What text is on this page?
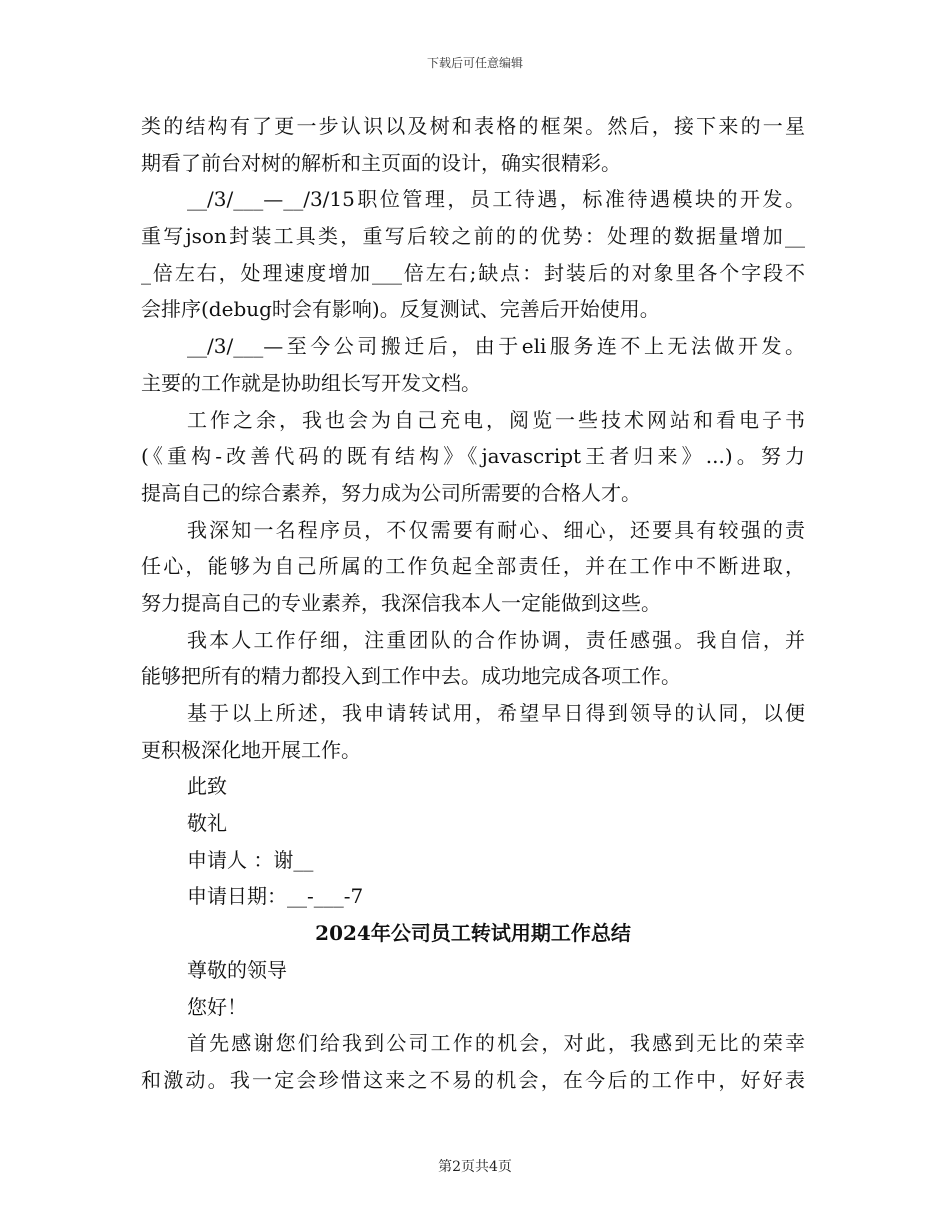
下载后可任意编辑
类的结构有了更一步认识以及树和表格的框架。然后，接下来的一星
期看了前台对树的解析和主页面的设计，确实很精彩。
__/3/___—__/3/15职位管理，员工待遇，标准待遇模块的开发。
重写json封装工具类，重写后较之前的的优势：处理的数据量增加__
_倍左右，处理速度增加___倍左右;缺点：封装后的对象里各个字段不
会排序(debug时会有影响)。反复测试、完善后开始使用。
__/3/___—至今公司搬迁后，由于eli服务连不上无法做开发。
主要的工作就是协助组长写开发文档。
工作之余，我也会为自己充电，阅览一些技术网站和看电子书
(《重构-改善代码的既有结构》《javascript王者归来》...)。努力
提高自己的综合素养，努力成为公司所需要的合格人才。
我深知一名程序员，不仅需要有耐心、细心，还要具有较强的责
任心，能够为自己所属的工作负起全部责任，并在工作中不断进取，
努力提高自己的专业素养，我深信我本人一定能做到这些。
我本人工作仔细，注重团队的合作协调，责任感强。我自信，并
能够把所有的精力都投入到工作中去。成功地完成各项工作。
基于以上所述，我申请转试用，希望早日得到领导的认同，以便
更积极深化地开展工作。
此致
敬礼
申请人 ：谢__
申请日期：__-___-7
2024年公司员工转试用期工作总结
尊敬的领导
您好！
首先感谢您们给我到公司工作的机会，对此，我感到无比的荣幸
和激动。我一定会珍惜这来之不易的机会，在今后的工作中，好好表
第2页共4页
